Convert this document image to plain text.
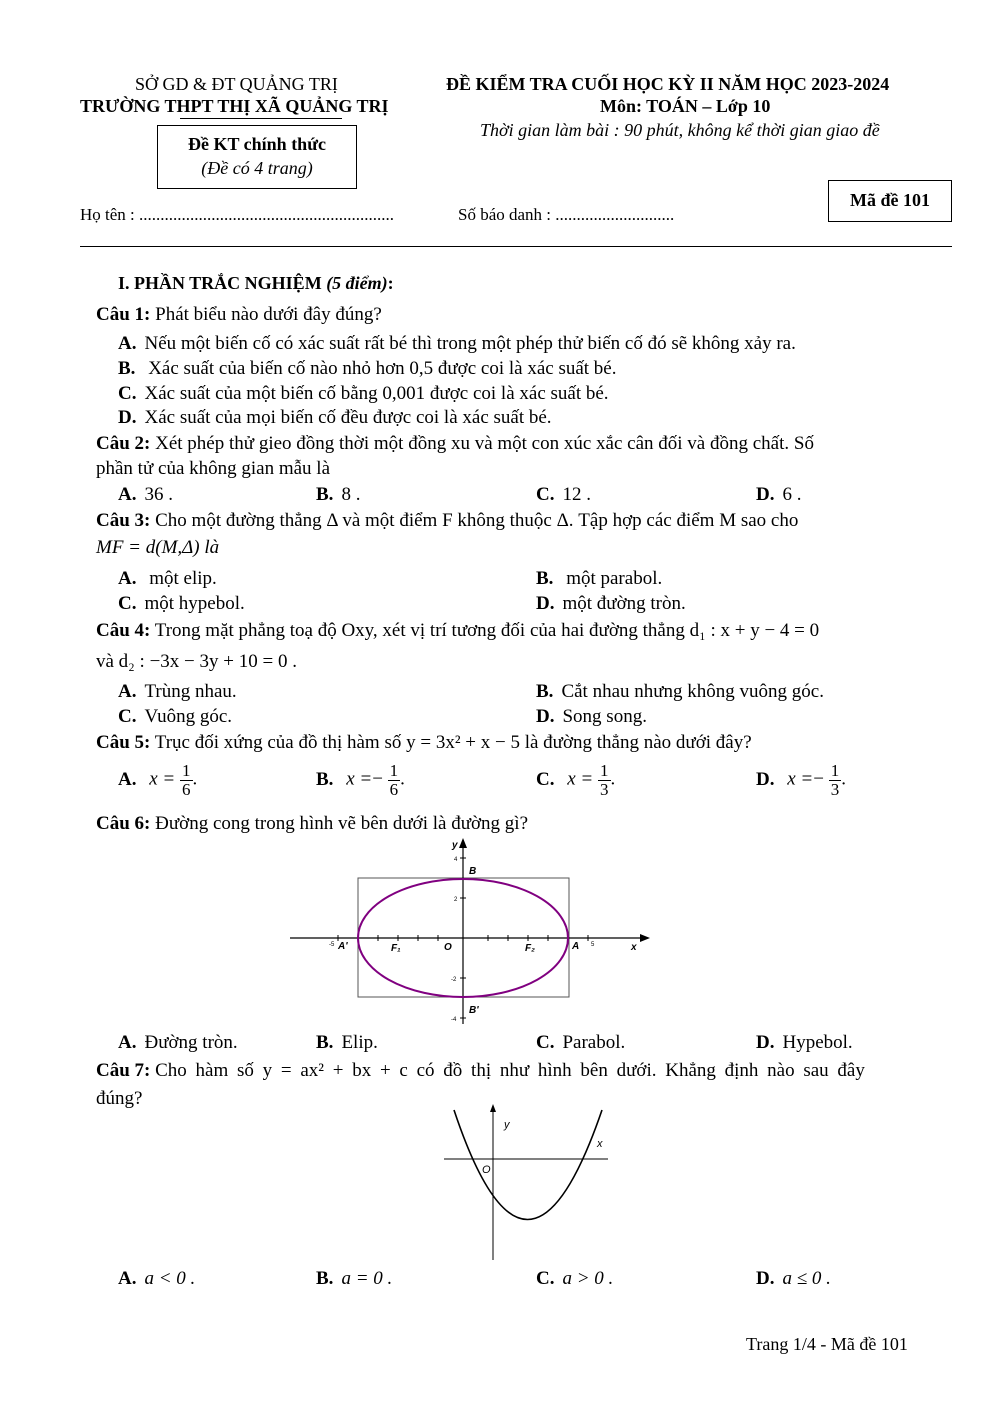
SỞ GD & ĐT QUẢNG TRỊ
TRƯỜNG THPT THỊ XÃ QUẢNG TRỊ
Đề KT chính thức
(Đề có 4 trang)
ĐỀ KIỂM TRA CUỐI HỌC KỲ II NĂM HỌC 2023-2024
Môn: TOÁN – Lớp 10
Thời gian làm bài : 90 phút, không kể thời gian giao đề
Mã đề 101
Họ tên : ............................................................	Số báo danh : ............................
I. PHẦN TRẮC NGHIỆM (5 điểm):
Câu 1: Phát biểu nào dưới đây đúng?
A. Nếu một biến cố có xác suất rất bé thì trong một phép thử biến cố đó sẽ không xảy ra.
B. Xác suất của biến cố nào nhỏ hơn 0,5 được coi là xác suất bé.
C. Xác suất của một biến cố bằng 0,001 được coi là xác suất bé.
D. Xác suất của mọi biến cố đều được coi là xác suất bé.
Câu 2: Xét phép thử gieo đồng thời một đồng xu và một con xúc xắc cân đối và đồng chất. Số
phần tử của không gian mẫu là
A. 36 .	B. 8 .	C. 12 .	D. 6 .
Câu 3: Cho một đường thẳng Δ và một điểm F không thuộc Δ. Tập hợp các điểm M sao cho
MF = d(M,Δ) là
A. một elip.	B. một parabol.
C. một hypebol.	D. một đường tròn.
Câu 4: Trong mặt phẳng toạ độ Oxy, xét vị trí tương đối của hai đường thẳng d₁ : x + y − 4 = 0
và d₂ : −3x − 3y + 10 = 0 .
A. Trùng nhau.	B. Cắt nhau nhưng không vuông góc.
C. Vuông góc.	D. Song song.
Câu 5: Trục đối xứng của đồ thị hàm số y = 3x² + x − 5 là đường thẳng nào dưới đây?
A. $x = \frac{1}{6}$ .	B. $x =- \frac{1}{6}$ .	C. $x = \frac{1}{3}$ .	D. $x =- \frac{1}{3}$ .
Câu 6: Đường cong trong hình vẽ bên dưới là đường gì?
-5	5
4
2
-2
-4
A'	F₁	O	F₂	A
B
B'
x
y
A. Đường tròn.	B. Elip.	C. Parabol.	D. Hypebol.
Câu 7: Cho hàm số y = ax² + bx + c có đồ thị như hình bên dưới. Khẳng định nào sau đây
đúng?
y
x
O
A. a < 0 .	B. a = 0 .	C. a > 0 .	D. a ≤ 0 .
Trang 1/4 - Mã đề 101
